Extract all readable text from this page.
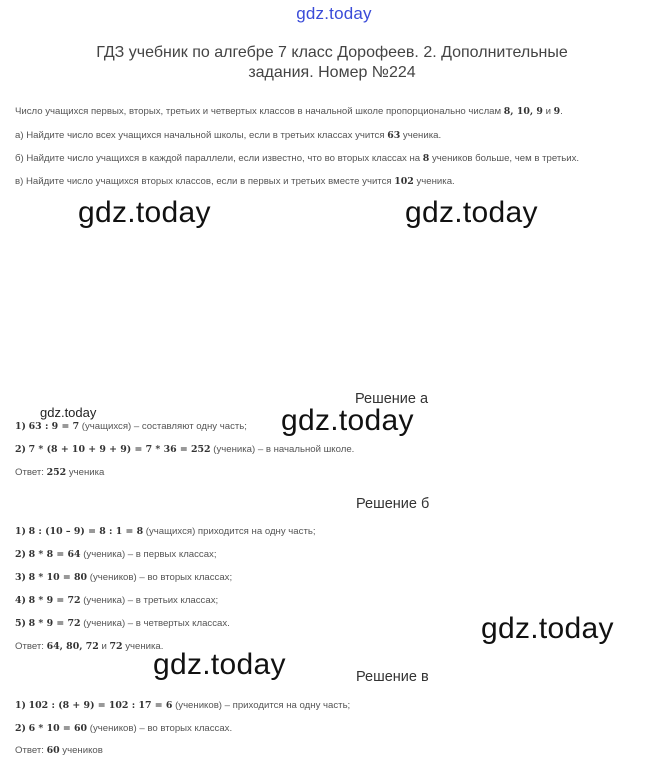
gdz.today
ГДЗ учебник по алгебре 7 класс Дорофеев. 2. Дополнительные
задания. Номер №224
Число учащихся первых, вторых, третьих и четвертых классов в начальной школе пропорционально числам 8, 10, 9 и 9.
а) Найдите число всех учащихся начальной школы, если в третьих классах учится 63 ученика.
б) Найдите число учащихся в каждой параллели, если известно, что во вторых классах на 8 учеников больше, чем в третьих.
в) Найдите число учащихся вторых классов, если в первых и третьих вместе учится 102 ученика.
gdz.today	gdz.today
Решение а
gdz.today	gdz.today
1) 63 : 9 = 7 (учащихся) – составляют одну часть;
2) 7 * (8 + 10 + 9 + 9) = 7 * 36 = 252 (ученика) – в начальной школе.
Ответ: 252 ученика
Решение б
1) 8 : (10 – 9) = 8 : 1 = 8 (учащихся) приходится на одну часть;
2) 8 * 8 = 64 (ученика) – в первых классах;
3) 8 * 10 = 80 (учеников) – во вторых классах;
4) 8 * 9 = 72 (ученика) – в третьих классах;
5) 8 * 9 = 72 (ученика) – в четвертых классах.
Ответ: 64, 80, 72 и 72 ученика.
gdz.today
gdz.today	Решение в
1) 102 : (8 + 9) = 102 : 17 = 6 (учеников) – приходится на одну часть;
2) 6 * 10 = 60 (учеников) – во вторых классах.
Ответ: 60 учеников
